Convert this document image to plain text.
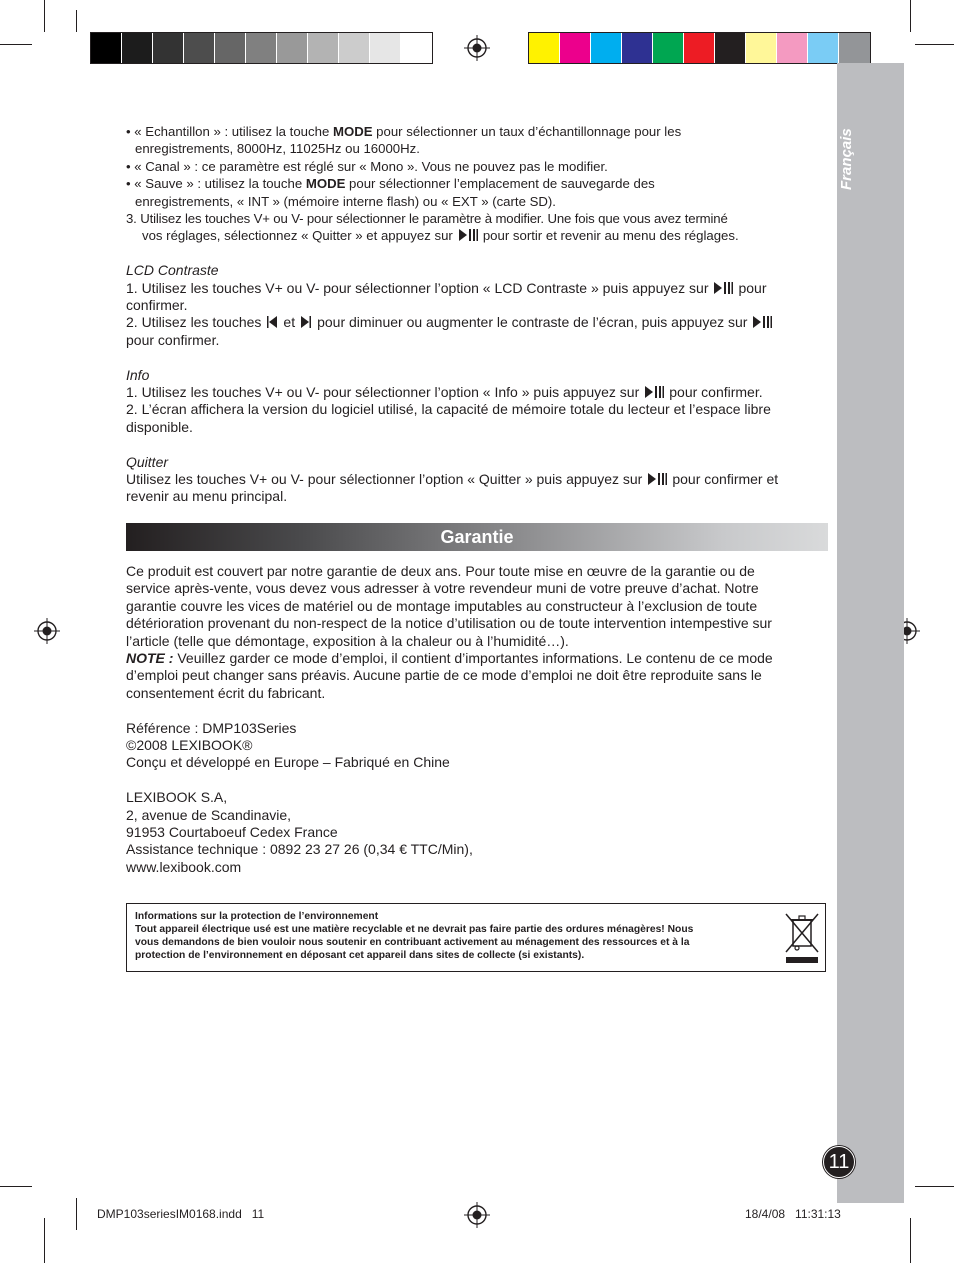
11

• « Echantillon » : utilisez la touche MODE pour sélectionner un taux d’échantillonnage pour les

enregistrements, 8000Hz, 11025Hz ou 16000Hz.

• « Canal » : ce paramètre est réglé sur « Mono ». Vous ne pouvez pas le modifier.

• « Sauve » : utilisez la touche MODE pour sélectionner l’emplacement de sauvegarde des

enregistrements, « INT » (mémoire interne flash) ou « EXT » (carte SD).

3. Utilisez les touches V+ ou V- pour sélectionner le paramètre à modifier. Une fois que vous avez terminé

vos réglages, sélectionnez « Quitter » et appuyez sur pour sortir et revenir au menu des réglages.

LCD Contraste

1. Utilisez les touches V+ ou V- pour sélectionner l’option « LCD Contraste » puis appuyez sur pour

confirmer.

2. Utilisez les touches et pour diminuer ou augmenter le contraste de l’écran, puis appuyez sur

pour confirmer.

Info

1. Utilisez les touches V+ ou V- pour sélectionner l’option « Info » puis appuyez sur pour confirmer.

2. L’écran affichera la version du logiciel utilisé, la capacité de mémoire totale du lecteur et l’espace libre

disponible.

Quitter

Utilisez les touches V+ ou V- pour sélectionner l’option « Quitter » puis appuyez sur pour confirmer et

revenir au menu principal.

Garantie

Ce produit est couvert par notre garantie de deux ans. Pour toute mise en œuvre de la garantie ou de

service après-vente, vous devez vous adresser à votre revendeur muni de votre preuve d’achat. Notre

garantie couvre les vices de matériel ou de montage imputables au constructeur à l’exclusion de toute

détérioration provenant du non-respect de la notice d’utilisation ou de toute intervention intempestive sur

l’article (telle que démontage, exposition à la chaleur ou à l’humidité…).

NOTE : Veuillez garder ce mode d’emploi, il contient d’importantes informations. Le contenu de ce mode

d’emploi peut changer sans préavis. Aucune partie de ce mode d’emploi ne doit être reproduite sans le

consentement écrit du fabricant.

Référence : DMP103Series

©2008 LEXIBOOK®

Conçu et développé en Europe – Fabriqué en Chine

LEXIBOOK S.A,

2, avenue de Scandinavie,

91953 Courtaboeuf Cedex France

Assistance technique : 0892 23 27 26 (0,34 € TTC/Min),

www.lexibook.com

Informations sur la protection de l’environnement
Tout appareil électrique usé est une matière recyclable et ne devrait pas faire partie des ordures ménagères! Nous
vous demandons de bien vouloir nous soutenir en contribuant activement au ménagement des ressources et à la
protection de l’environnement en déposant cet appareil dans sites de collecte (si existants).
DMP103seriesIM0168.indd   11	18/4/08   11:31:13
